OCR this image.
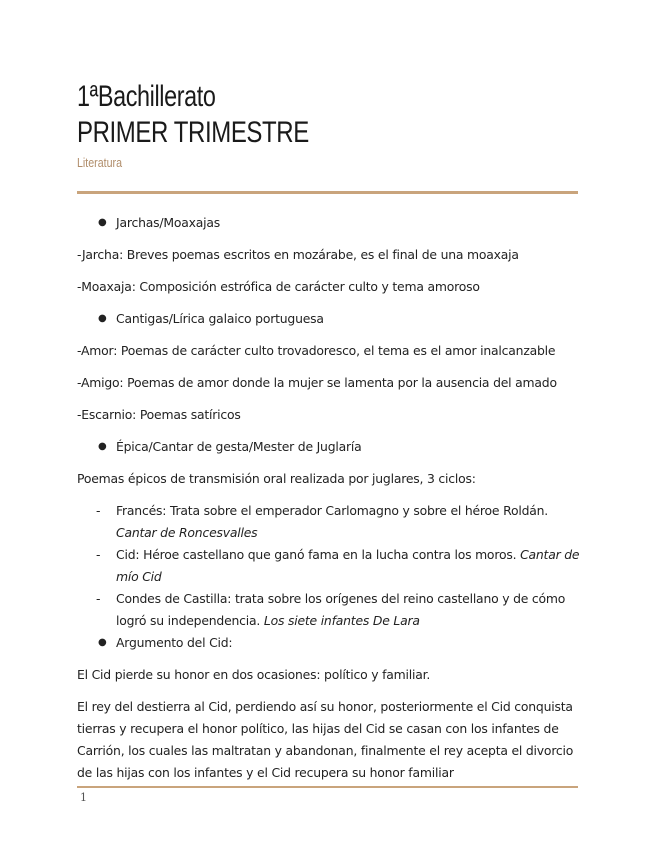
1ªBachillerato
PRIMER TRIMESTRE
Literatura

● Jarchas/Moaxajas

-Jarcha: Breves poemas escritos en mozárabe, es el final de una moaxaja

-Moaxaja: Composición estrófica de carácter culto y tema amoroso

● Cantigas/Lírica galaico portuguesa

-Amor: Poemas de carácter culto trovadoresco, el tema es el amor inalcanzable

-Amigo: Poemas de amor donde la mujer se lamenta por la ausencia del amado

-Escarnio: Poemas satíricos

● Épica/Cantar de gesta/Mester de Juglaría

Poemas épicos de transmisión oral realizada por juglares, 3 ciclos:

- Francés: Trata sobre el emperador Carlomagno y sobre el héroe Roldán. Cantar de Roncesvalles

- Cid: Héroe castellano que ganó fama en la lucha contra los moros. Cantar de mío Cid

- Condes de Castilla: trata sobre los orígenes del reino castellano y de cómo logró su independencia. Los siete infantes De Lara

● Argumento del Cid:

El Cid pierde su honor en dos ocasiones: político y familiar.

El rey del destierra al Cid, perdiendo así su honor, posteriormente el Cid conquista tierras y recupera el honor político, las hijas del Cid se casan con los infantes de Carrión, los cuales las maltratan y abandonan, finalmente el rey acepta el divorcio de las hijas con los infantes y el Cid recupera su honor familiar

1
